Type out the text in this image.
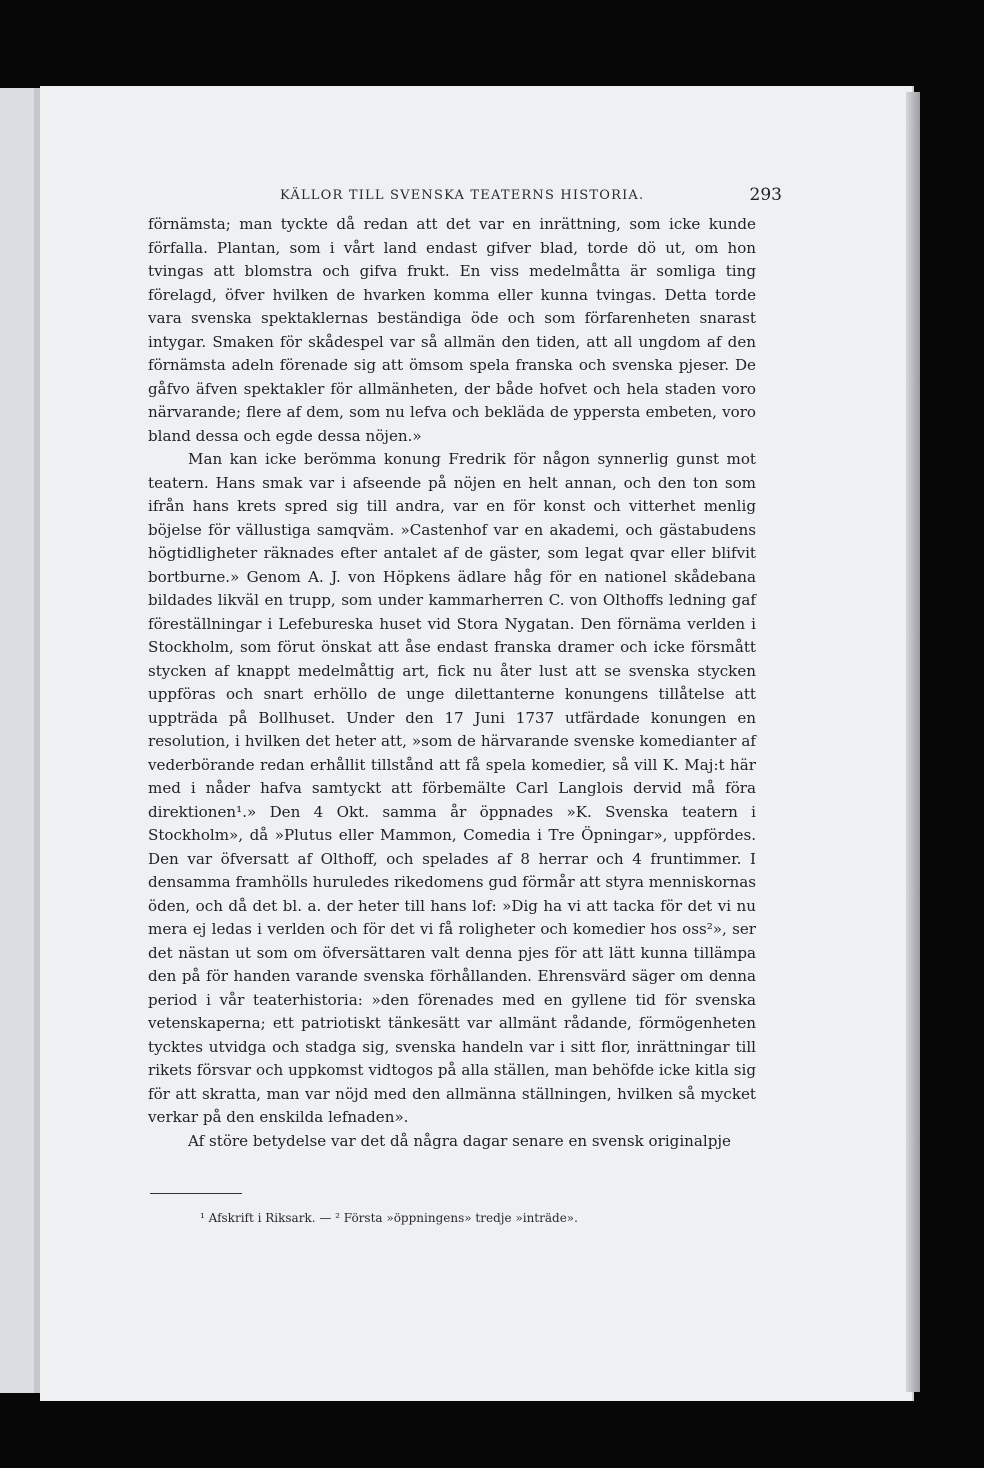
KÄLLOR TILL SVENSKA TEATERNS HISTORIA.	293

förnämsta; man tyckte då redan att det var en inrättning, som icke kunde förfalla. Plantan, som i vårt land endast gifver blad, torde dö ut, om hon tvingas att blomstra och gifva frukt. En viss medelmåtta är somliga ting förelagd, öfver hvilken de hvarken komma eller kunna tvingas. Detta torde vara svenska spektaklernas beständiga öde och som förfarenheten snarast intygar. Smaken för skådespel var så allmän den tiden, att all ungdom af den förnämsta adeln förenade sig att ömsom spela franska och svenska pjeser. De gåfvo äfven spektakler för allmänheten, der både hofvet och hela staden voro närvarande; flere af dem, som nu lefva och bekläda de yppersta embeten, voro bland dessa och egde dessa nöjen.»

Man kan icke berömma konung Fredrik för någon synnerlig gunst mot teatern. Hans smak var i afseende på nöjen en helt annan, och den ton som ifrån hans krets spred sig till andra, var en för konst och vitterhet menlig böjelse för vällustiga samqväm. »Castenhof var en akademi, och gästabudens högtidligheter räknades efter antalet af de gäster, som legat qvar eller blifvit bortburne.» Genom A. J. von Höpkens ädlare håg för en nationel skådebana bildades likväl en trupp, som under kammarherren C. von Olthoffs ledning gaf föreställningar i Lefebureska huset vid Stora Nygatan. Den förnäma verlden i Stockholm, som förut önskat att åse endast franska dramer och icke försmått stycken af knappt medelmåttig art, fick nu åter lust att se svenska stycken uppföras och snart erhöllo de unge dilettanterne konungens tillåtelse att uppträda på Bollhuset. Under den 17 Juni 1737 utfärdade konungen en resolution, i hvilken det heter att, »som de härvarande svenske komedianter af vederbörande redan erhållit tillstånd att få spela komedier, så vill K. Maj:t här med i nåder hafva samtyckt att förbemälte Carl Langlois dervid må föra direktionen¹.» Den 4 Okt. samma år öppnades »K. Svenska teatern i Stockholm», då »Plutus eller Mammon, Comedia i Tre Öpningar», uppfördes. Den var öfversatt af Olthoff, och spelades af 8 herrar och 4 fruntimmer. I densamma framhölls huruledes rikedomens gud förmår att styra menniskornas öden, och då det bl. a. der heter till hans lof: »Dig ha vi att tacka för det vi nu mera ej ledas i verlden och för det vi få roligheter och komedier hos oss²», ser det nästan ut som om öfversättaren valt denna pjes för att lätt kunna tillämpa den på för handen varande svenska förhållanden. Ehrensvärd säger om denna period i vår teaterhistoria: »den förenades med en gyllene tid för svenska vetenskaperna; ett patriotiskt tänkesätt var allmänt rådande, förmögenheten tycktes utvidga och stadga sig, svenska handeln var i sitt flor, inrättningar till rikets försvar och uppkomst vidtogos på alla ställen, man behöfde icke kitla sig för att skratta, man var nöjd med den allmänna ställningen, hvilken så mycket verkar på den enskilda lefnaden».

Af störe betydelse var det då några dagar senare en svensk originalpje

¹ Afskrift i Riksark. — ² Första »öppningens» tredje »inträde».
